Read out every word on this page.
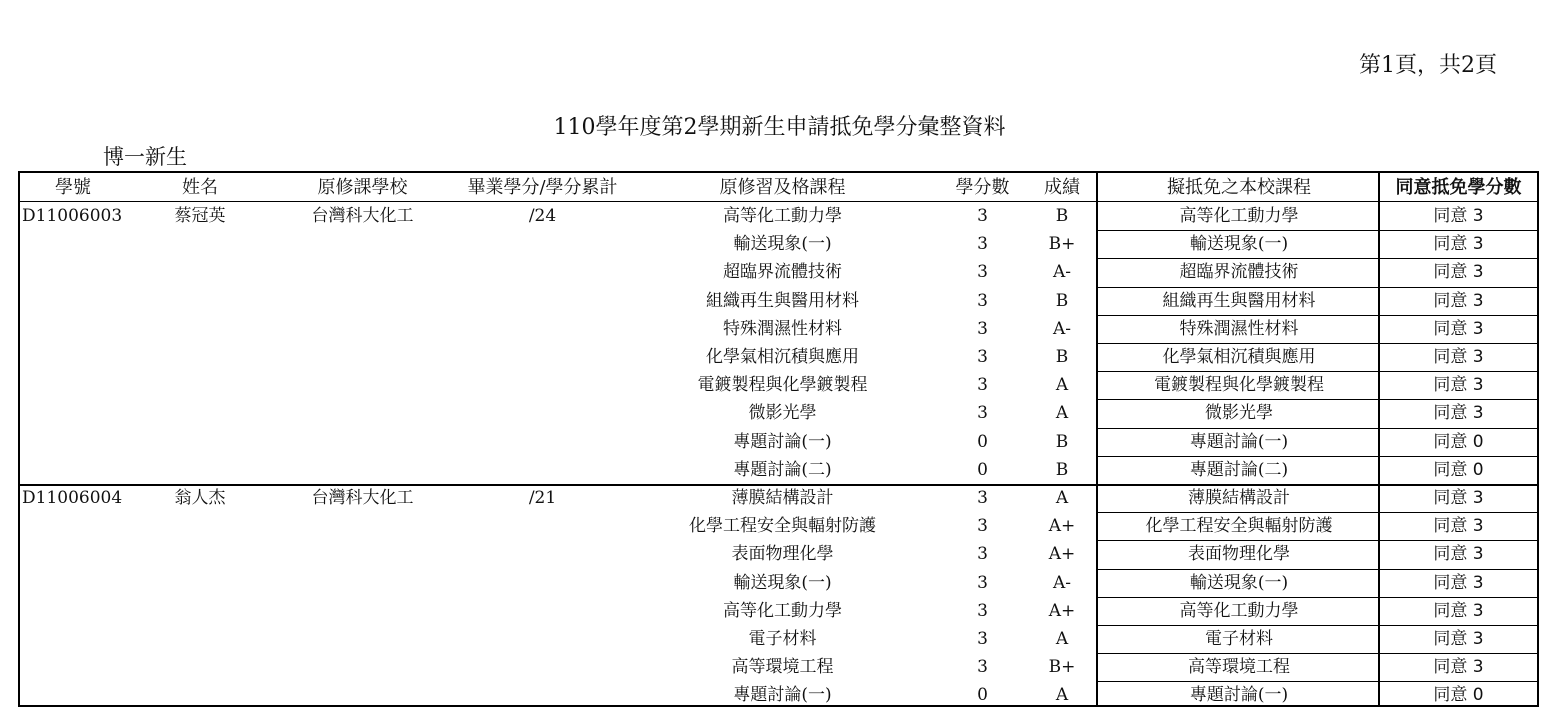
第1頁，共2頁
110學年度第2學期新生申請抵免學分彙整資料
博一新生
學號	姓名	原修課學校	畢業學分/學分累計	原修習及格課程	學分數	成績	擬抵免之本校課程	同意抵免學分數
D11006003	蔡冠英	台灣科大化工	/24	高等化工動力學	3	B	高等化工動力學	同意 3
輸送現象(一)	3	B+	輸送現象(一)	同意 3
超臨界流體技術	3	A-	超臨界流體技術	同意 3
組織再生與醫用材料	3	B	組織再生與醫用材料	同意 3
特殊潤濕性材料	3	A-	特殊潤濕性材料	同意 3
化學氣相沉積與應用	3	B	化學氣相沉積與應用	同意 3
電鍍製程與化學鍍製程	3	A	電鍍製程與化學鍍製程	同意 3
微影光學	3	A	微影光學	同意 3
專題討論(一)	0	B	專題討論(一)	同意 0
專題討論(二)	0	B	專題討論(二)	同意 0
D11006004	翁人杰	台灣科大化工	/21	薄膜結構設計	3	A	薄膜結構設計	同意 3
化學工程安全與輻射防護	3	A+	化學工程安全與輻射防護	同意 3
表面物理化學	3	A+	表面物理化學	同意 3
輸送現象(一)	3	A-	輸送現象(一)	同意 3
高等化工動力學	3	A+	高等化工動力學	同意 3
電子材料	3	A	電子材料	同意 3
高等環境工程	3	B+	高等環境工程	同意 3
專題討論(一)	0	A	專題討論(一)	同意 0
